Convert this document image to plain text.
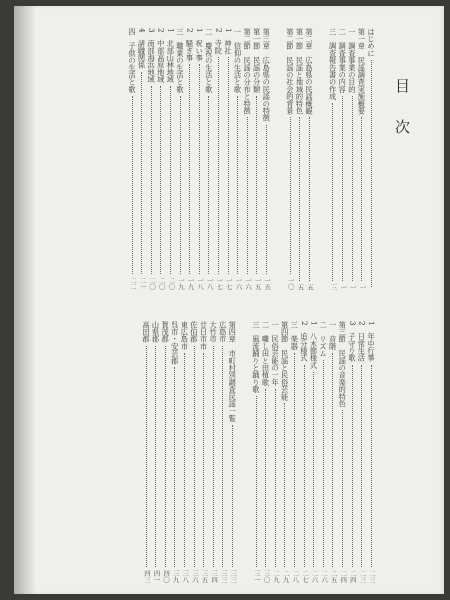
目次
はじめに
第一章　民謡調査実施概要
一
一　調査事業の目的
一
二　調査事業の内容
一
三　調査報告書の作成
三
第二章　広島県の民謡概観
五
第一節　民謡と地域的特色
五
第二節　民謡の社会的背景
一〇
第三章　広島県の民謡の特徴
一五
第一節　民謡の分類
一五
第二節　民謡の分布と特徴
一六
一　信仰の生活と歌
一六
1　神社
一七
2　寺院
一七
二　慶祝の生活と歌
一八
1　祝い事
一八
2　騒ぎ事
一九
三　職業の生活と歌
一九
1　北部山林地域
二〇
2　中部高原地域
二〇
3　南部海浜地域
二〇
4　諸職関係
二一
四　子供の生活と歌
二二
1　年中行事
二三
2　日常生活
二三
3　子守り歌
二四
第三節　民謡の音楽的特色
二四
一　音階
二五
二　リズム
二六
1　八木節様式
二六
2　追分様式
二七
三　楽器
二八
第四節　民謡と民俗芸能
二九
一　民俗芸能の一年
二九
二　囃し田と田植歌
三〇
三　風流踊りと踊り歌
三一
第四章　市町村別調査民謡一覧
三三
広島市
三三
大竹市
三四
廿日市市
三五
佐伯郡
三六
東広島市
三八
呉市・安芸郡
三九
賀茂郡
四〇
山県郡
四一
高田郡
四三
